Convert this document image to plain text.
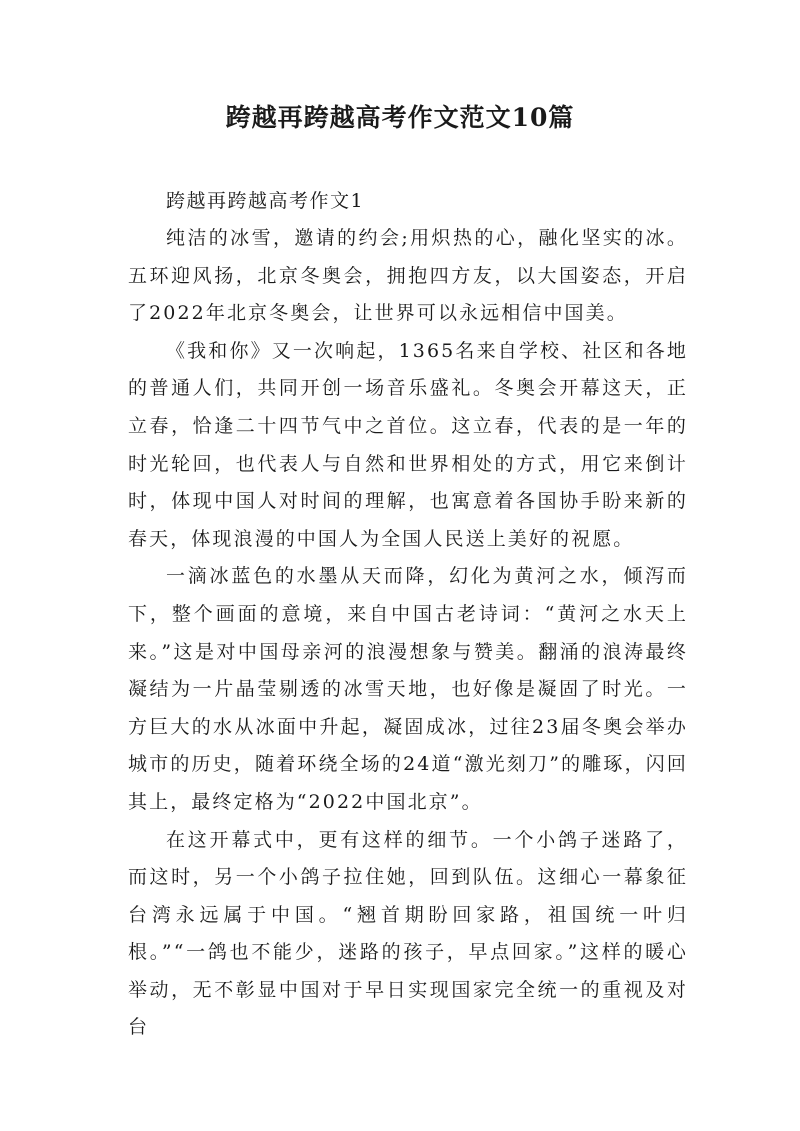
跨越再跨越高考作文范文10篇

跨越再跨越高考作文1

纯洁的冰雪，邀请的约会;用炽热的心，融化坚实的冰。五环迎风扬，北京冬奥会，拥抱四方友，以大国姿态，开启了2022年北京冬奥会，让世界可以永远相信中国美。

《我和你》又一次响起，1365名来自学校、社区和各地的普通人们，共同开创一场音乐盛礼。冬奥会开幕这天，正立春，恰逢二十四节气中之首位。这立春，代表的是一年的时光轮回，也代表人与自然和世界相处的方式，用它来倒计时，体现中国人对时间的理解，也寓意着各国协手盼来新的春天，体现浪漫的中国人为全国人民送上美好的祝愿。

一滴冰蓝色的水墨从天而降，幻化为黄河之水，倾泻而下，整个画面的意境，来自中国古老诗词：“黄河之水天上来。”这是对中国母亲河的浪漫想象与赞美。翻涌的浪涛最终凝结为一片晶莹剔透的冰雪天地，也好像是凝固了时光。一方巨大的水从冰面中升起，凝固成冰，过往23届冬奥会举办城市的历史，随着环绕全场的24道“激光刻刀”的雕琢，闪回其上，最终定格为“2022中国北京”。

在这开幕式中，更有这样的细节。一个小鸽子迷路了，而这时，另一个小鸽子拉住她，回到队伍。这细心一幕象征台湾永远属于中国。“翘首期盼回家路，祖国统一叶归根。”“一鸽也不能少，迷路的孩子，早点回家。”这样的暖心举动，无不彰显中国对于早日实现国家完全统一的重视及对台
